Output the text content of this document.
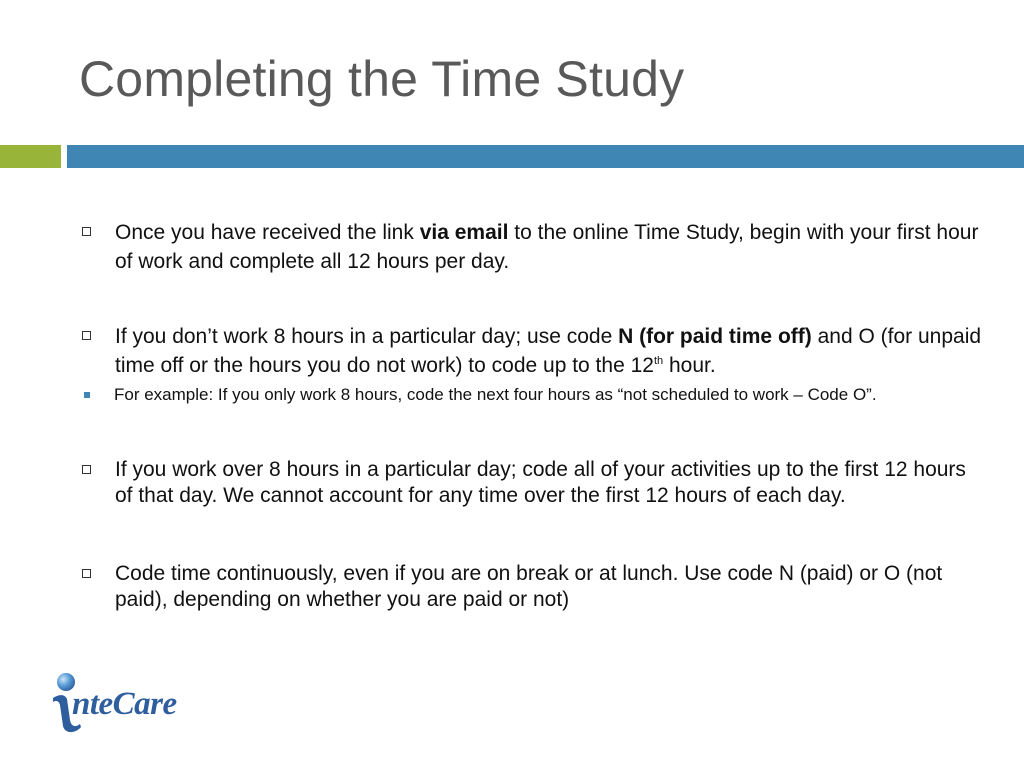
Completing the Time Study
Once you have received the link via email to the online Time Study, begin with your first hour of work and complete all 12 hours per day.
If you don’t work 8 hours in a particular day; use code N (for paid time off) and O (for unpaid time off or the hours you do not work) to code up to the 12th hour.
For example: If you only work 8 hours, code the next four hours as “not scheduled to work – Code O”.
If you work over 8 hours in a particular day; code all of your activities up to the first 12 hours of that day. We cannot account for any time over the first 12 hours of each day.
Code time continuously, even if you are on break or at lunch. Use code N (paid) or O (not paid), depending on whether you are paid or not)
nteCare
